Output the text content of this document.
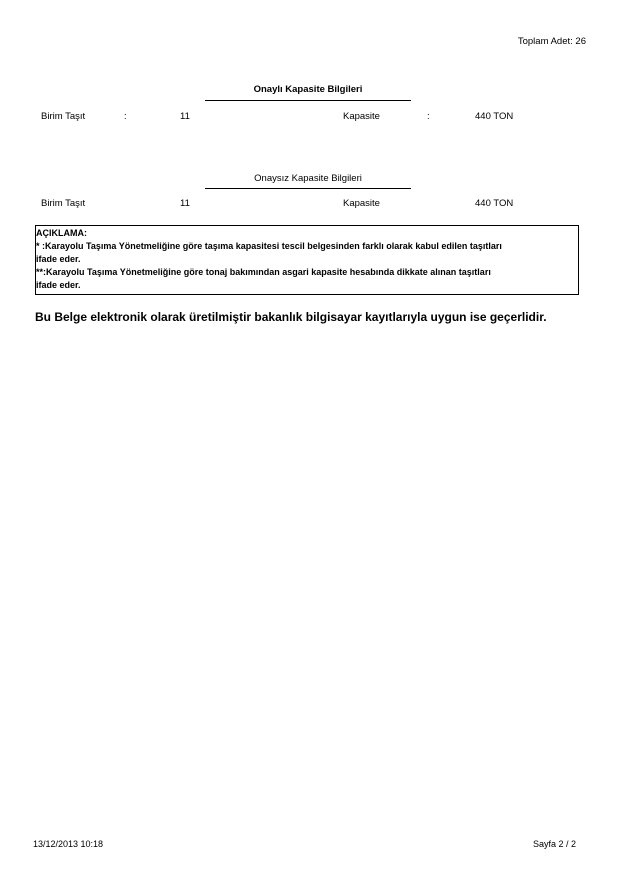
Toplam Adet: 26
Onaylı Kapasite Bilgileri
Birim Taşıt	:	11	Kapasite	:	440 TON
Onaysız Kapasite Bilgileri
Birim Taşıt	11	Kapasite	440 TON
AÇIKLAMA:
* :Karayolu Taşıma Yönetmeliğine göre taşıma kapasitesi tescil belgesinden farklı olarak kabul edilen taşıtları
ifade eder.
**:Karayolu Taşıma Yönetmeliğine göre tonaj bakımından asgari kapasite hesabında dikkate alınan taşıtları
ifade eder.
Bu Belge elektronik olarak üretilmiştir bakanlık bilgisayar kayıtlarıyla uygun ise geçerlidir.
13/12/2013 10:18	Sayfa 2 / 2
